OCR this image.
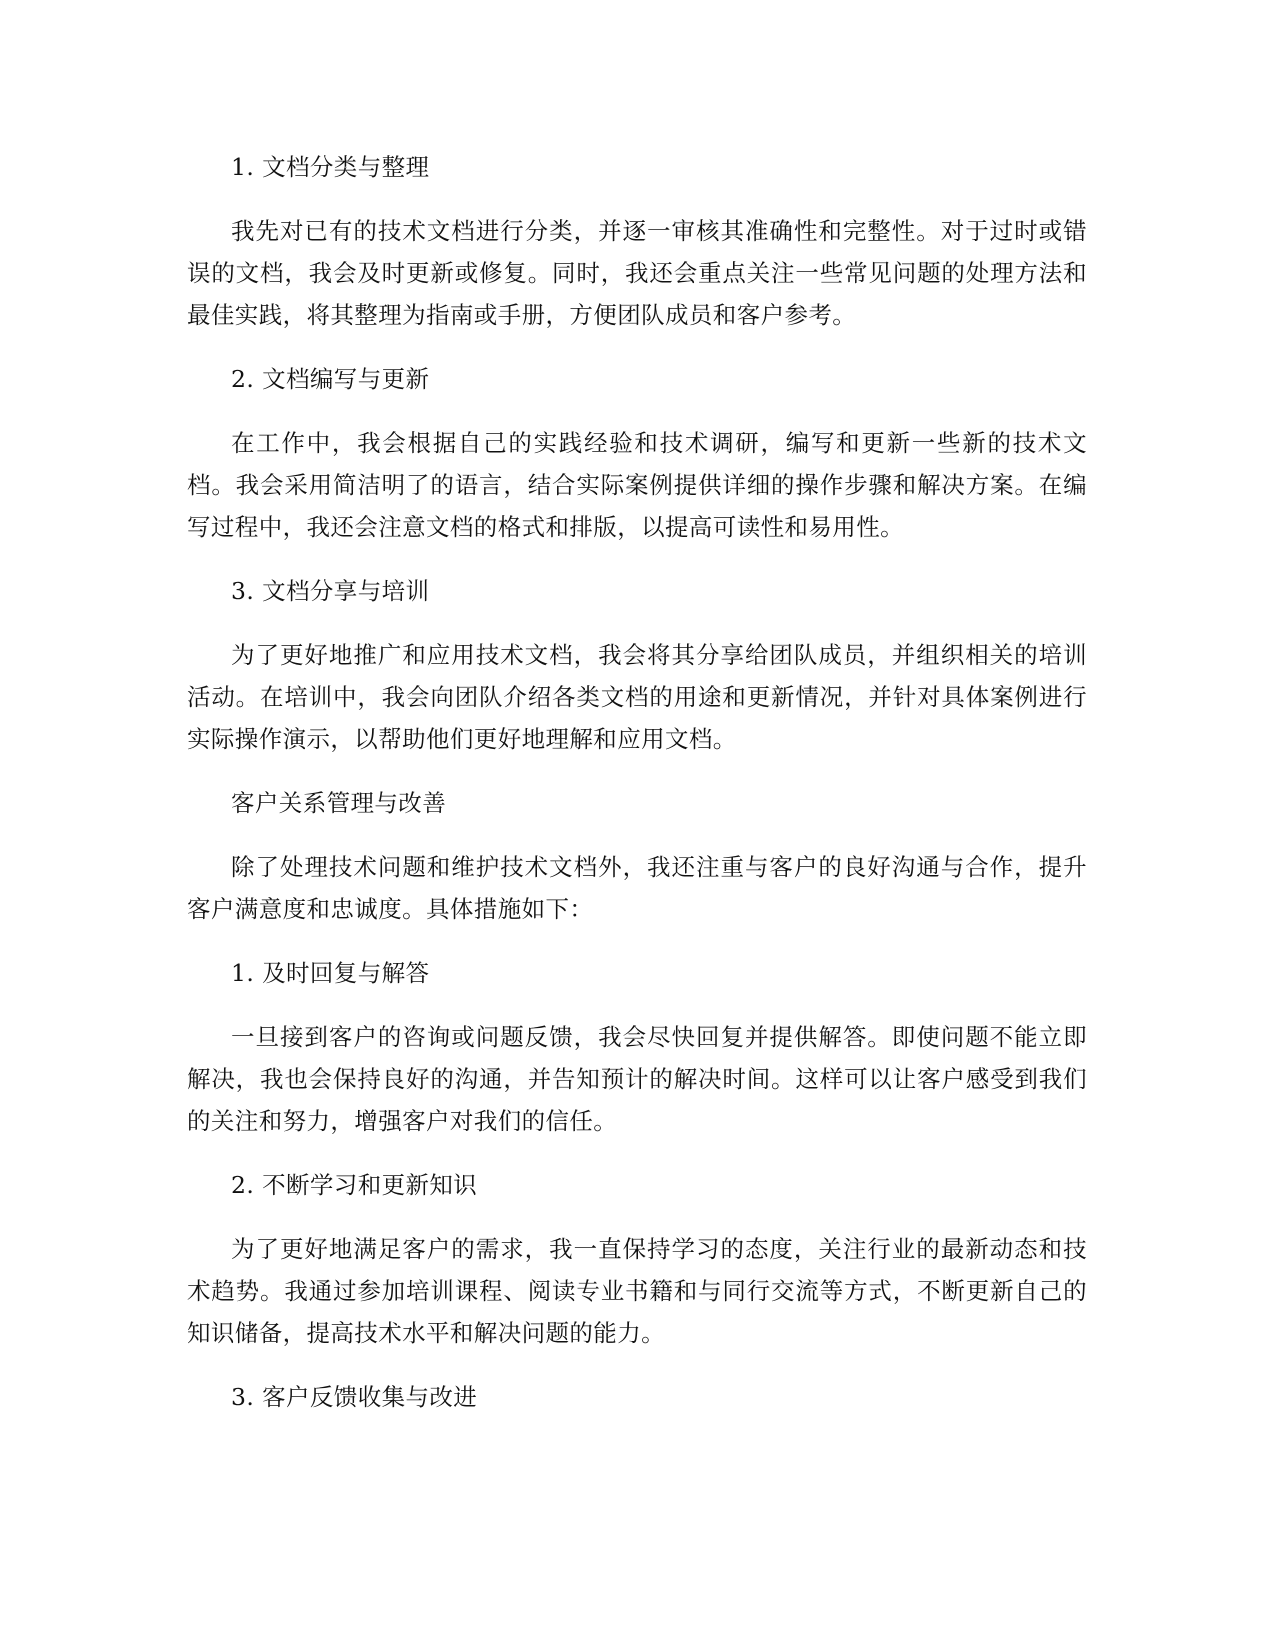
1. 文档分类与整理

我先对已有的技术文档进行分类，并逐一审核其准确性和完整性。对于过时或错误的文档，我会及时更新或修复。同时，我还会重点关注一些常见问题的处理方法和最佳实践，将其整理为指南或手册，方便团队成员和客户参考。

2. 文档编写与更新

在工作中，我会根据自己的实践经验和技术调研，编写和更新一些新的技术文档。我会采用简洁明了的语言，结合实际案例提供详细的操作步骤和解决方案。在编写过程中，我还会注意文档的格式和排版，以提高可读性和易用性。

3. 文档分享与培训

为了更好地推广和应用技术文档，我会将其分享给团队成员，并组织相关的培训活动。在培训中，我会向团队介绍各类文档的用途和更新情况，并针对具体案例进行实际操作演示，以帮助他们更好地理解和应用文档。

客户关系管理与改善

除了处理技术问题和维护技术文档外，我还注重与客户的良好沟通与合作，提升客户满意度和忠诚度。具体措施如下：

1. 及时回复与解答

一旦接到客户的咨询或问题反馈，我会尽快回复并提供解答。即使问题不能立即解决，我也会保持良好的沟通，并告知预计的解决时间。这样可以让客户感受到我们的关注和努力，增强客户对我们的信任。

2. 不断学习和更新知识

为了更好地满足客户的需求，我一直保持学习的态度，关注行业的最新动态和技术趋势。我通过参加培训课程、阅读专业书籍和与同行交流等方式，不断更新自己的知识储备，提高技术水平和解决问题的能力。

3. 客户反馈收集与改进
